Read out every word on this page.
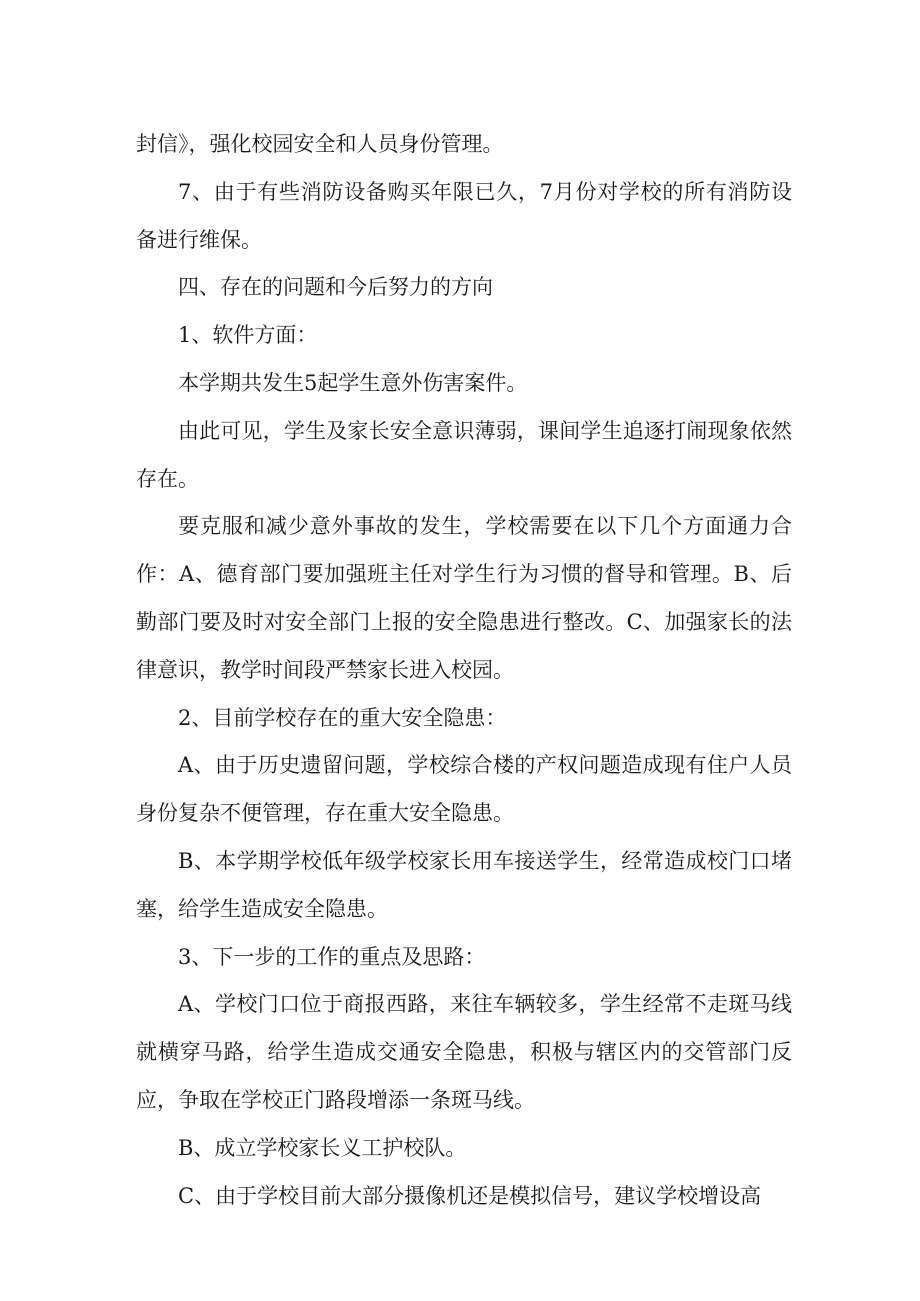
封信》，强化校园安全和人员身份管理。

7、由于有些消防设备购买年限已久，7月份对学校的所有消防设备进行维保。

四、存在的问题和今后努力的方向

1、软件方面：

本学期共发生5起学生意外伤害案件。

由此可见，学生及家长安全意识薄弱，课间学生追逐打闹现象依然存在。

要克服和减少意外事故的发生，学校需要在以下几个方面通力合作：A、德育部门要加强班主任对学生行为习惯的督导和管理。B、后勤部门要及时对安全部门上报的安全隐患进行整改。C、加强家长的法律意识，教学时间段严禁家长进入校园。

2、目前学校存在的重大安全隐患：

A、由于历史遗留问题，学校综合楼的产权问题造成现有住户人员身份复杂不便管理，存在重大安全隐患。

B、本学期学校低年级学校家长用车接送学生，经常造成校门口堵塞，给学生造成安全隐患。

3、下一步的工作的重点及思路：

A、学校门口位于商报西路，来往车辆较多，学生经常不走斑马线就横穿马路，给学生造成交通安全隐患，积极与辖区内的交管部门反应，争取在学校正门路段增添一条斑马线。

B、成立学校家长义工护校队。

C、由于学校目前大部分摄像机还是模拟信号，建议学校增设高
